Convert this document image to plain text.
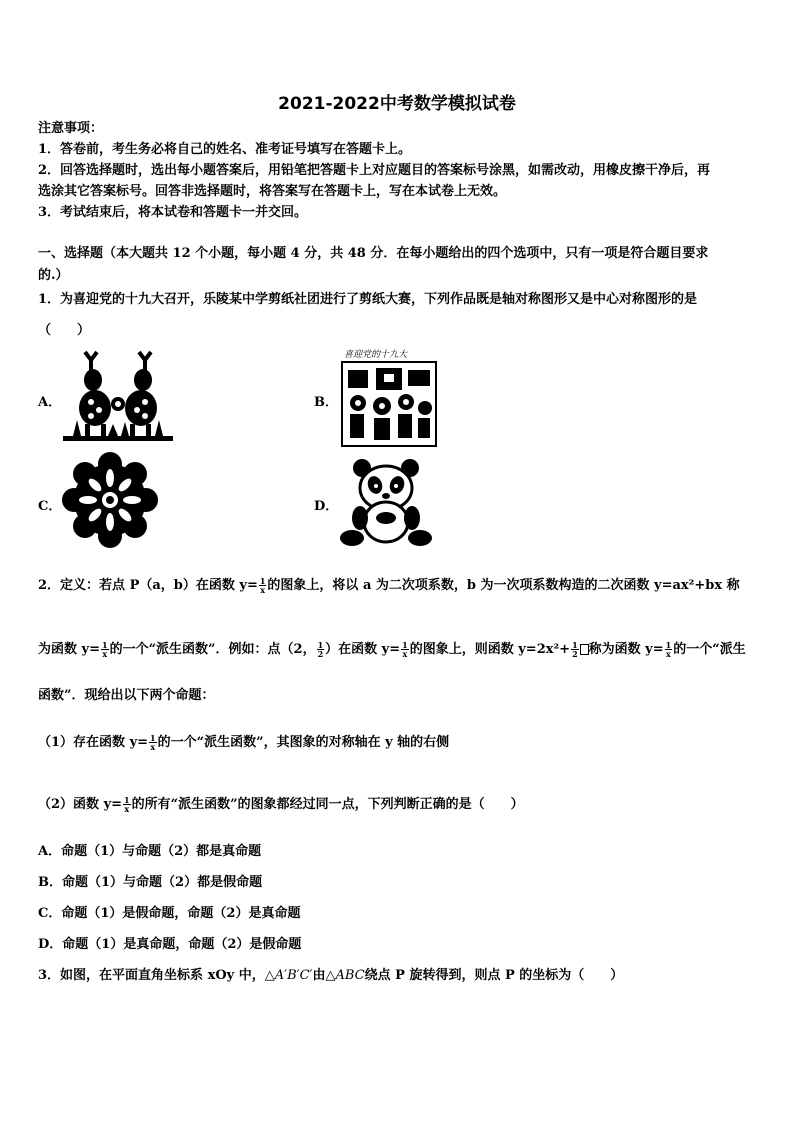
2021-2022中考数学模拟试卷
注意事项：
1．答卷前，考生务必将自己的姓名、准考证号填写在答题卡上。
2．回答选择题时，选出每小题答案后，用铅笔把答题卡上对应题目的答案标号涂黑，如需改动，用橡皮擦干净后，再
选涂其它答案标号。回答非选择题时，将答案写在答题卡上，写在本试卷上无效。
3．考试结束后，将本试卷和答题卡一并交回。
一、选择题（本大题共 12 个小题，每小题 4 分，共 48 分．在每小题给出的四个选项中，只有一项是符合题目要求
的.）
1．为喜迎党的十九大召开，乐陵某中学剪纸社团进行了剪纸大赛，下列作品既是轴对称图形又是中心对称图形的是
（　　）
A．	B．
喜迎党的十九大
C．	D．
2．定义：若点 P（a，b）在函数 $y= \frac{1}{x}$ 的图象上，将以 a 为二次项系数，b 为一次项系数构造的二次函数 y=ax²+bx 称
为函数 $y= \frac{1}{x}$ 的一个“派生函数”．例如：点（2， $\frac{1}{2}$ ）在函数 $y= \frac{1}{x}$ 的图象上，则函数 $y=2x^2+ \frac{1}{2}$ 称为函数 $y= \frac{1}{x}$ 的一个“派生
函数”．现给出以下两个命题：
（1）存在函数 $y= \frac{1}{x}$ 的一个“派生函数”，其图象的对称轴在 y 轴的右侧
（2）函数 $y= \frac{1}{x}$ 的所有“派生函数”的图象都经过同一点，下列判断正确的是（　　）
A．命题（1）与命题（2）都是真命题
B．命题（1）与命题（2）都是假命题
C．命题（1）是假命题，命题（2）是真命题
D．命题（1）是真命题，命题（2）是假命题
3．如图，在平面直角坐标系 xOy 中，△A′B′C′由△ABC绕点 P 旋转得到，则点 P 的坐标为（　　）
